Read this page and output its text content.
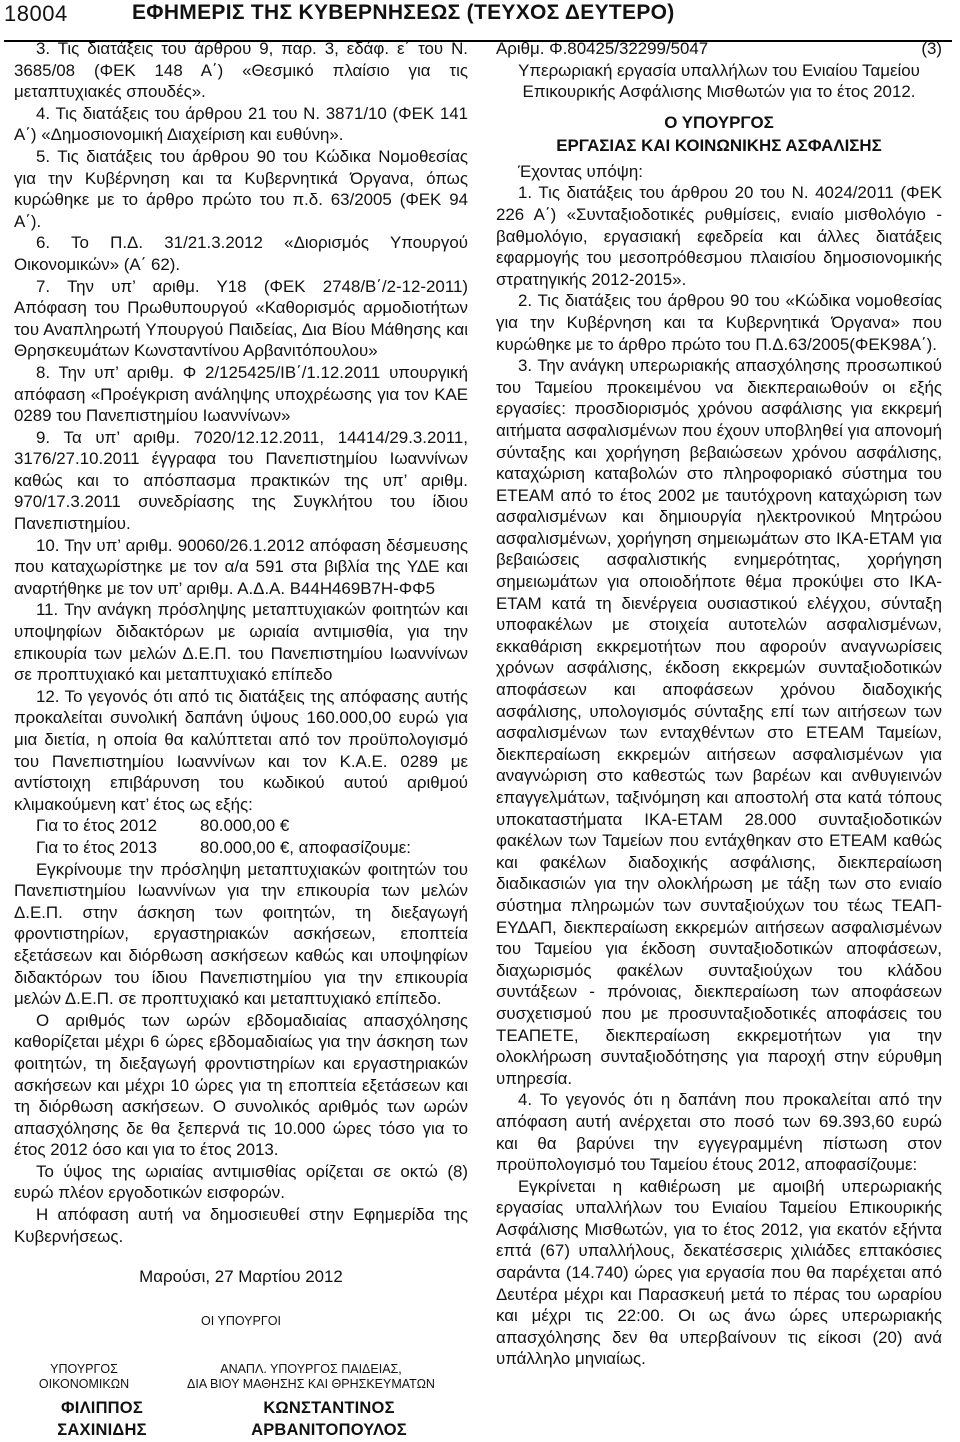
18004	ΕΦΗΜΕΡΙΣ ΤΗΣ ΚΥΒΕΡΝΗΣΕΩΣ (ΤΕΥΧΟΣ ΔΕΥΤΕΡΟ)

3. Τις διατάξεις του άρθρου 9, παρ. 3, εδάφ. ε΄ του Ν. 3685/08 (ΦΕΚ 148 Α΄) «Θεσμικό πλαίσιο για τις μεταπτυχιακές σπουδές».

4. Τις διατάξεις του άρθρου 21 του Ν. 3871/10 (ΦΕΚ 141 Α΄) «Δημοσιονομική Διαχείριση και ευθύνη».

5. Τις διατάξεις του άρθρου 90 του Κώδικα Νομοθεσίας για την Κυβέρνηση και τα Κυβερνητικά Όργανα, όπως κυρώθηκε με το άρθρο πρώτο του π.δ. 63/2005 (ΦΕΚ 94 Α΄).

6. Το Π.Δ. 31/21.3.2012 «Διορισμός Υπουργού Οικονομικών» (Α΄ 62).

7. Την υπ’ αριθμ. Υ18 (ΦΕΚ 2748/Β΄/2-12-2011) Απόφαση του Πρωθυπουργού «Καθορισμός αρμοδιοτήτων του Αναπληρωτή Υπουργού Παιδείας, Δια Βίου Μάθησης και Θρησκευμάτων Κωνσταντίνου Αρβανιτόπουλου»

8. Την υπ’ αριθμ. Φ 2/125425/ΙΒ΄/1.12.2011 υπουργική απόφαση «Προέγκριση ανάληψης υποχρέωσης για τον ΚΑΕ 0289 του Πανεπιστημίου Ιωαννίνων»

9. Τα υπ’ αριθμ. 7020/12.12.2011, 14414/29.3.2011, 3176/27.10.2011 έγγραφα του Πανεπιστημίου Ιωαννίνων καθώς και το απόσπασμα πρακτικών της υπ’ αριθμ. 970/17.3.2011 συνεδρίασης της Συγκλήτου του ίδιου Πανεπιστημίου.

10. Την υπ’ αριθμ. 90060/26.1.2012 απόφαση δέσμευσης που καταχωρίστηκε με τον α/α 591 στα βιβλία της ΥΔΕ και αναρτήθηκε με τον υπ’ αριθμ. Α.Δ.Α. Β44Η469Β7Η-ΦΦ5

11. Την ανάγκη πρόσληψης μεταπτυχιακών φοιτητών και υποψηφίων διδακτόρων με ωριαία αντιμισθία, για την επικουρία των μελών Δ.Ε.Π. του Πανεπιστημίου Ιωαννίνων σε προπτυχιακό και μεταπτυχιακό επίπεδο

12. Το γεγονός ότι από τις διατάξεις της απόφασης αυτής προκαλείται συνολική δαπάνη ύψους 160.000,00 ευρώ για μια διετία, η οποία θα καλύπτεται από τον προϋπολογισμό του Πανεπιστημίου Ιωαννίνων και τον Κ.Α.Ε. 0289 με αντίστοιχη επιβάρυνση του κωδικού αυτού αριθμού κλιμακούμενη κατ’ έτος ως εξής:

Για το έτος 2012	80.000,00 €
Για το έτος 2013	80.000,00 €, αποφασίζουμε:

Εγκρίνουμε την πρόσληψη μεταπτυχιακών φοιτητών του Πανεπιστημίου Ιωαννίνων για την επικουρία των μελών Δ.Ε.Π. στην άσκηση των φοιτητών, τη διεξαγωγή φροντιστηρίων, εργαστηριακών ασκήσεων, εποπτεία εξετάσεων και διόρθωση ασκήσεων καθώς και υποψηφίων διδακτόρων του ίδιου Πανεπιστημίου για την επικουρία μελών Δ.Ε.Π. σε προπτυχιακό και μεταπτυχιακό επίπεδο.

Ο αριθμός των ωρών εβδομαδιαίας απασχόλησης καθορίζεται μέχρι 6 ώρες εβδομαδιαίως για την άσκηση των φοιτητών, τη διεξαγωγή φροντιστηρίων και εργαστηριακών ασκήσεων και μέχρι 10 ώρες για τη εποπτεία εξετάσεων και τη διόρθωση ασκήσεων. Ο συνολικός αριθμός των ωρών απασχόλησης δε θα ξεπερνά τις 10.000 ώρες τόσο για το έτος 2012 όσο και για το έτος 2013.

Το ύψος της ωριαίας αντιμισθίας ορίζεται σε οκτώ (8) ευρώ πλέον εργοδοτικών εισφορών.

Η απόφαση αυτή να δημοσιευθεί στην Εφημερίδα της Κυβερνήσεως.

Μαρούσι, 27 Μαρτίου 2012
ΟΙ ΥΠΟΥΡΓΟΙ
ΥΠΟΥΡΓΟΣ
ΟΙΚΟΝΟΜΙΚΩΝ
ΑΝΑΠΛ. ΥΠΟΥΡΓΟΣ ΠΑΙΔΕΙΑΣ,
ΔΙΑ ΒΙΟΥ ΜΑΘΗΣΗΣ ΚΑΙ ΘΡΗΣΚΕΥΜΑΤΩΝ
ΦΙΛΙΠΠΟΣ ΣΑΧΙΝΙΔΗΣ
ΚΩΝΣΤΑΝΤΙΝΟΣ ΑΡΒΑΝΙΤΟΠΟΥΛΟΣ
Αριθμ. Φ.80425/32299/5047	(3)

Υπερωριακή εργασία υπαλλήλων του Ενιαίου Ταμείου Επικουρικής Ασφάλισης Μισθωτών για το έτος 2012.

Ο ΥΠΟΥΡΓΟΣ
ΕΡΓΑΣΙΑΣ ΚΑΙ ΚΟΙΝΩΝΙΚΗΣ ΑΣΦΑΛΙΣΗΣ

Έχοντας υπόψη:

1. Τις διατάξεις του άρθρου 20 του Ν. 4024/2011 (ΦΕΚ 226 Α΄) «Συνταξιοδοτικές ρυθμίσεις, ενιαίο μισθολόγιο - βαθμολόγιο, εργασιακή εφεδρεία και άλλες διατάξεις εφαρμογής του μεσοπρόθεσμου πλαισίου δημοσιονομικής στρατηγικής 2012-2015».

2. Τις διατάξεις του άρθρου 90 του «Κώδικα νομοθεσίας για την Κυβέρνηση και τα Κυβερνητικά Όργανα» που κυρώθηκε με το άρθρο πρώτο του Π.Δ.63/2005(ΦΕΚ98Α΄).

3. Την ανάγκη υπερωριακής απασχόλησης προσωπικού του Ταμείου προκειμένου να διεκπεραιωθούν οι εξής εργασίες: προσδιορισμός χρόνου ασφάλισης για εκκρεμή αιτήματα ασφαλισμένων που έχουν υποβληθεί για απονομή σύνταξης και χορήγηση βεβαιώσεων χρόνου ασφάλισης, καταχώριση καταβολών στο πληροφοριακό σύστημα του ΕΤΕΑΜ από το έτος 2002 με ταυτόχρονη καταχώριση των ασφαλισμένων και δημιουργία ηλεκτρονικού Μητρώου ασφαλισμένων, χορήγηση σημειωμάτων στο ΙΚΑ-ΕΤΑΜ για βεβαιώσεις ασφαλιστικής ενημερότητας, χορήγηση σημειωμάτων για οποιοδήποτε θέμα προκύψει στο ΙΚΑ-ΕΤΑΜ κατά τη διενέργεια ουσιαστικού ελέγχου, σύνταξη υποφακέλων με στοιχεία αυτοτελών ασφαλισμένων, εκκαθάριση εκκρεμοτήτων που αφορούν αναγνωρίσεις χρόνων ασφάλισης, έκδοση εκκρεμών συνταξιοδοτικών αποφάσεων και αποφάσεων χρόνου διαδοχικής ασφάλισης, υπολογισμός σύνταξης επί των αιτήσεων των ασφαλισμένων των ενταχθέντων στο ΕΤΕΑΜ Ταμείων, διεκπεραίωση εκκρεμών αιτήσεων ασφαλισμένων για αναγνώριση στο καθεστώς των βαρέων και ανθυγιεινών επαγγελμάτων, ταξινόμηση και αποστολή στα κατά τόπους υποκαταστήματα ΙΚΑ-ΕΤΑΜ 28.000 συνταξιοδοτικών φακέλων των Ταμείων που εντάχθηκαν στο ΕΤΕΑΜ καθώς και φακέλων διαδοχικής ασφάλισης, διεκπεραίωση διαδικασιών για την ολοκλήρωση με τάξη των στο ενιαίο σύστημα πληρωμών των συνταξιούχων του τέως ΤΕΑΠ-ΕΥΔΑΠ, διεκπεραίωση εκκρεμών αιτήσεων ασφαλισμένων του Ταμείου για έκδοση συνταξιοδοτικών αποφάσεων, διαχωρισμός φακέλων συνταξιούχων του κλάδου συντάξεων - πρόνοιας, διεκπεραίωση των αποφάσεων συσχετισμού που με προσυνταξιοδοτικές αποφάσεις του ΤΕΑΠΕΤΕ, διεκπεραίωση εκκρεμοτήτων για την ολοκλήρωση συνταξιοδότησης για παροχή στην εύρυθμη υπηρεσία.

4. Το γεγονός ότι η δαπάνη που προκαλείται από την απόφαση αυτή ανέρχεται στο ποσό των 69.393,60 ευρώ και θα βαρύνει την εγγεγραμμένη πίστωση στον προϋπολογισμό του Ταμείου έτους 2012, αποφασίζουμε:

Εγκρίνεται η καθιέρωση με αμοιβή υπερωριακής εργασίας υπαλλήλων του Ενιαίου Ταμείου Επικουρικής Ασφάλισης Μισθωτών, για το έτος 2012, για εκατόν εξήντα επτά (67) υπαλλήλους, δεκατέσσερις χιλιάδες επτακόσιες σαράντα (14.740) ώρες για εργασία που θα παρέχεται από Δευτέρα μέχρι και Παρασκευή μετά το πέρας του ωραρίου και μέχρι τις 22:00. Οι ως άνω ώρες υπερωριακής απασχόλησης δεν θα υπερβαίνουν τις είκοσι (20) ανά υπάλληλο μηνιαίως.
